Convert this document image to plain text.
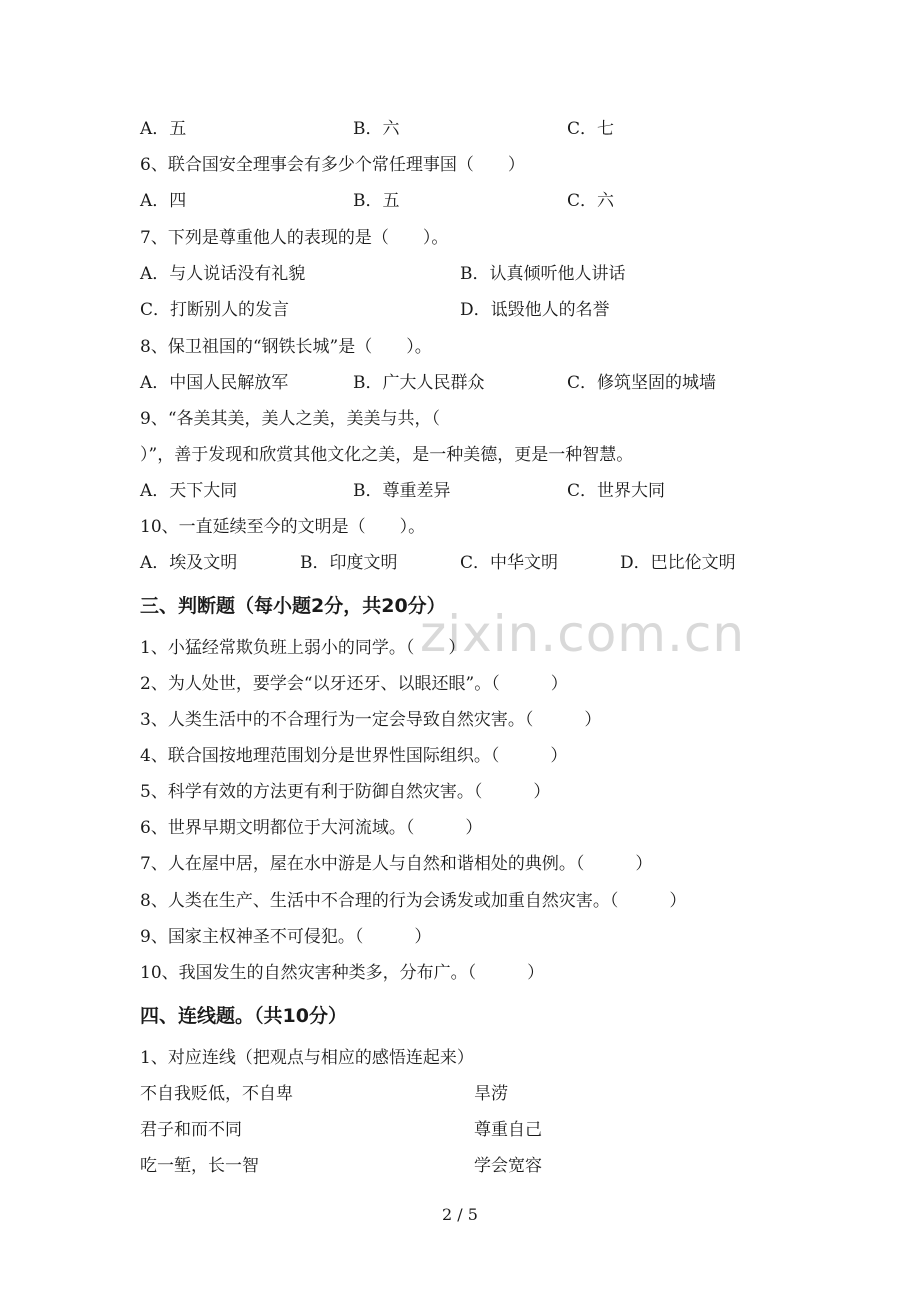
zixin.com.cn
A．五	B．六	C．七
6、联合国安全理事会有多少个常任理事国（　　）
A．四	B．五	C．六
7、下列是尊重他人的表现的是（　　）。
A．与人说话没有礼貌	B．认真倾听他人讲话
C．打断别人的发言	D．诋毁他人的名誉
8、保卫祖国的“钢铁长城”是（　　）。
A．中国人民解放军	B．广大人民群众	C．修筑坚固的城墙
9、“各美其美，美人之美，美美与共，（
）”，善于发现和欣赏其他文化之美，是一种美德，更是一种智慧。
A．天下大同	B．尊重差异	C．世界大同
10、一直延续至今的文明是（　　）。
A．埃及文明	B．印度文明	C．中华文明	D．巴比伦文明
三、判断题（每小题2分，共20分）
1、小猛经常欺负班上弱小的同学。（　　）
2、为人处世，要学会“以牙还牙、以眼还眼”。（　　　）
3、人类生活中的不合理行为一定会导致自然灾害。（　　　）
4、联合国按地理范围划分是世界性国际组织。（　　　）
5、科学有效的方法更有利于防御自然灾害。（　　　）
6、世界早期文明都位于大河流域。（　　　）
7、人在屋中居，屋在水中游是人与自然和谐相处的典例。（　　　）
8、人类在生产、生活中不合理的行为会诱发或加重自然灾害。（　　　）
9、国家主权神圣不可侵犯。（　　　）
10、我国发生的自然灾害种类多，分布广。（　　　）
四、连线题。（共10分）
1、对应连线（把观点与相应的感悟连起来）
不自我贬低，不自卑	旱涝
君子和而不同	尊重自己
吃一堑，长一智	学会宽容
2 / 5
